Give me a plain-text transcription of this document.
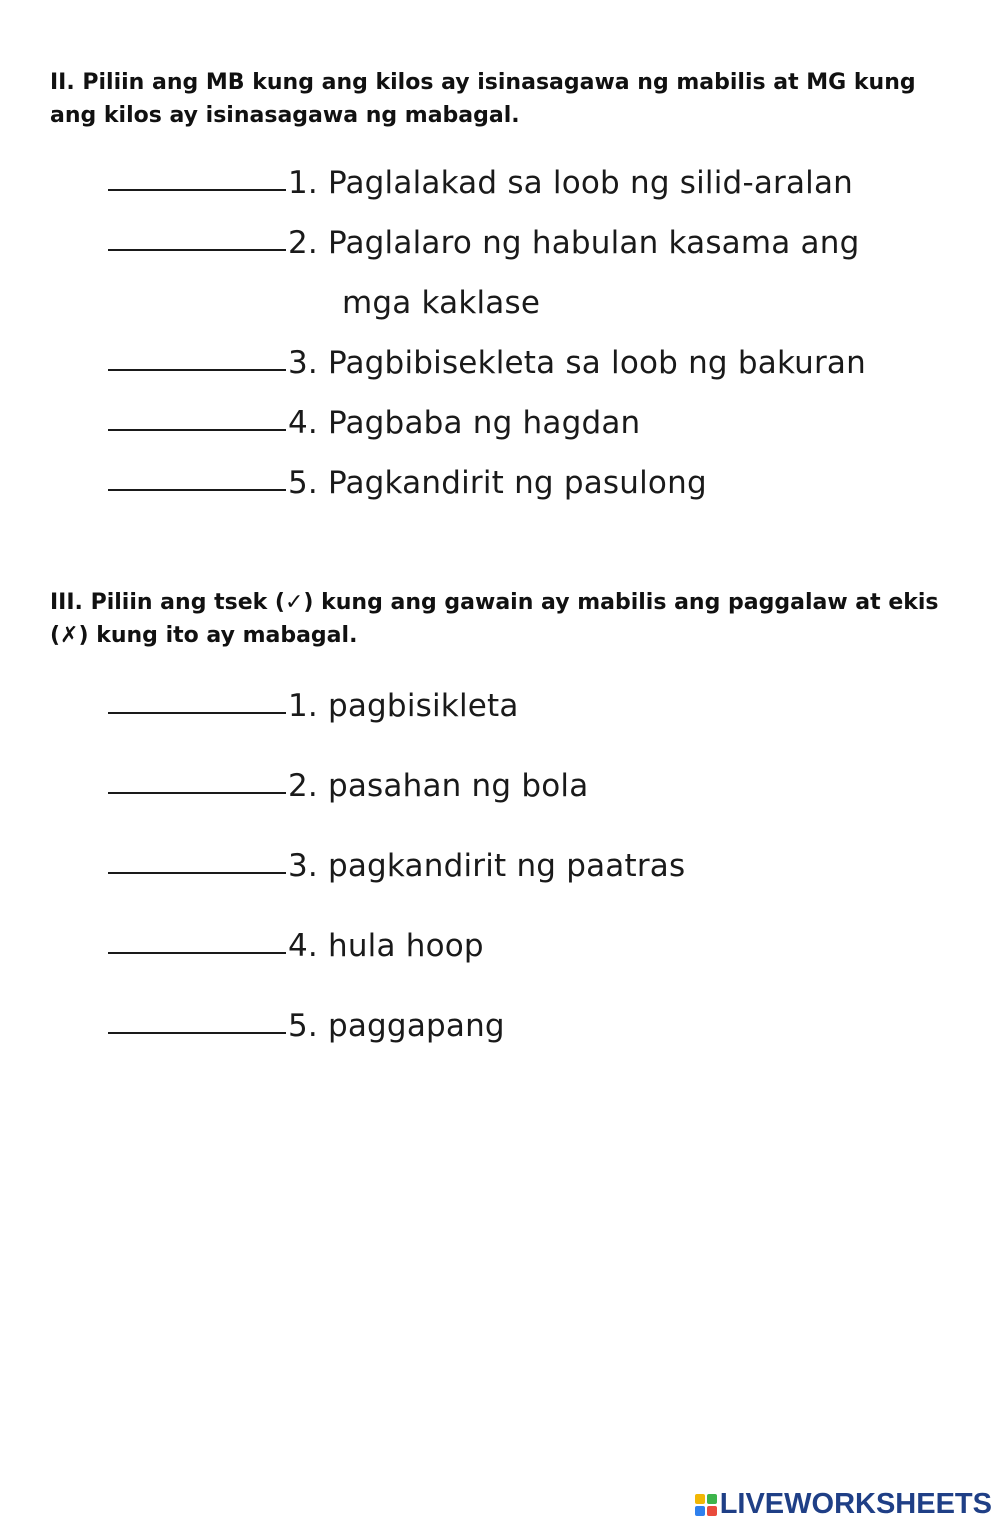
II. Piliin ang MB kung ang kilos ay isinasagawa ng mabilis at MG kung ang kilos ay isinasagawa ng mabagal.

1. Paglalakad sa loob ng silid-aralan
2. Paglalaro ng habulan kasama ang
mga kaklase
3. Pagbibisekleta sa loob ng bakuran
4. Pagbaba ng hagdan
5. Pagkandirit ng pasulong

III. Piliin ang tsek (✓) kung ang gawain ay mabilis ang paggalaw at ekis (✗) kung ito ay mabagal.

1. pagbisikleta
2. pasahan ng bola
3. pagkandirit ng paatras
4. hula hoop
5. paggapang
LIVEWORKSHEETS
